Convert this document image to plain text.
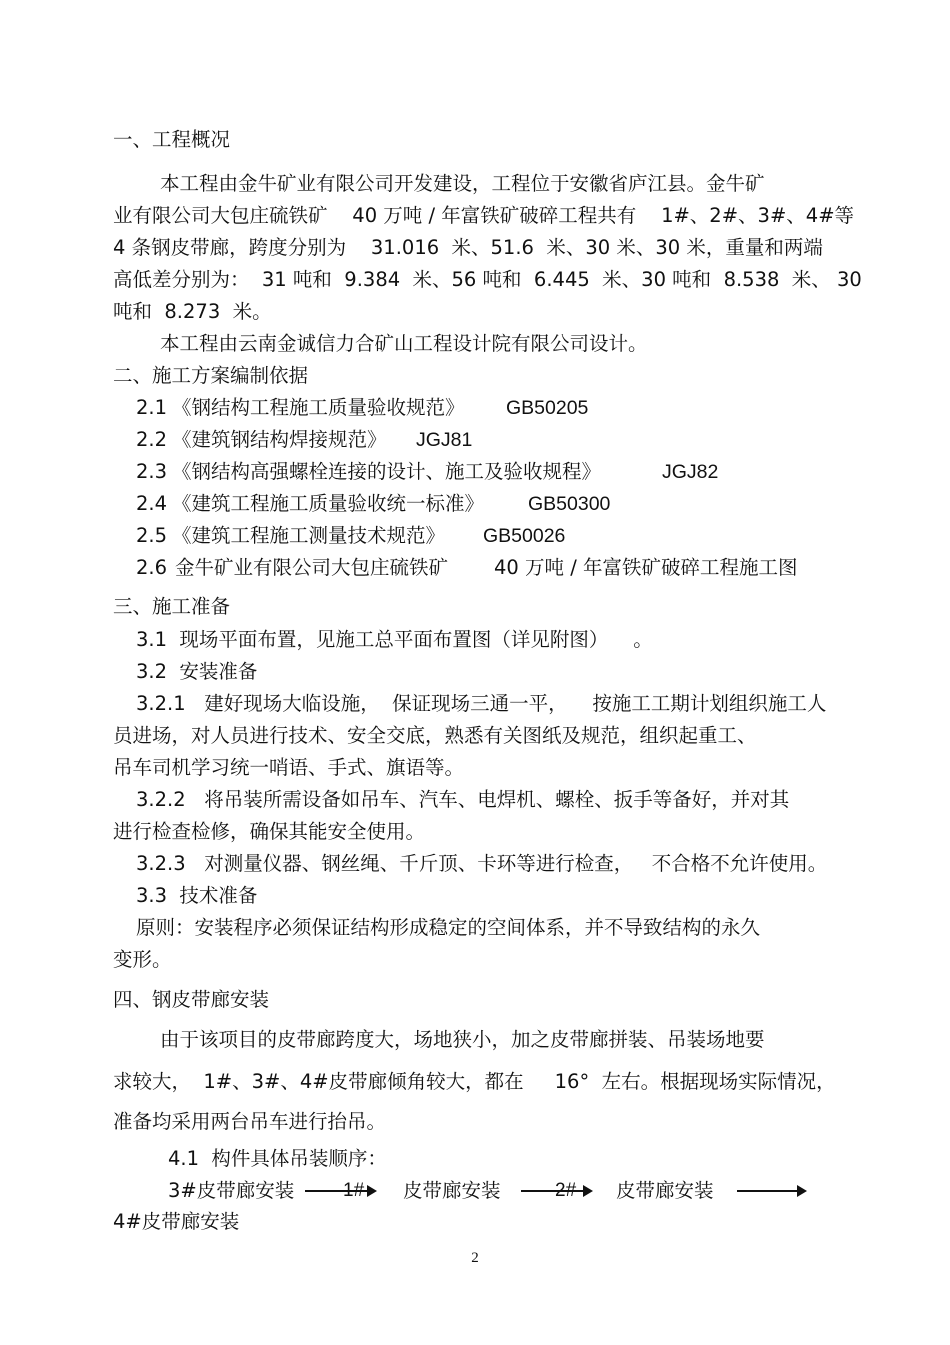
一、工程概况
本工程由金牛矿业有限公司开发建设，工程位于安徽省庐江县。金牛矿
业有限公司大包庄硫铁矿    40 万吨 / 年富铁矿破碎工程共有    1#、2#、3#、4#等
4 条钢皮带廊，跨度分别为    31.016  米、51.6  米、30 米、30 米，重量和两端
高低差分别为：  31 吨和  9.384  米、56 吨和  6.445  米、30 吨和  8.538  米、 30
吨和  8.273  米。
本工程由云南金诚信力合矿山工程设计院有限公司设计。
二、施工方案编制依据
2.1 《钢结构工程施工质量验收规范》 GB50205
2.2 《建筑钢结构焊接规范》 JGJ81
2.3 《钢结构高强螺栓连接的设计、施工及验收规程》	JGJ82
2.4 《建筑工程施工质量验收统一标准》 GB50300
2.5 《建筑工程施工测量技术规范》 GB50026
2.6 金牛矿业有限公司大包庄硫铁矿 40 万吨 / 年富铁矿破碎工程施工图
三、施工准备
3.1  现场平面布置，见施工总平面布置图（详见附图）    。
3.2  安装准备
3.2.1   建好现场大临设施，  保证现场三通一平，    按施工工期计划组织施工人
员进场，对人员进行技术、安全交底，熟悉有关图纸及规范，组织起重工、
吊车司机学习统一哨语、手式、旗语等。
3.2.2   将吊装所需设备如吊车、汽车、电焊机、螺栓、扳手等备好，并对其
进行检查检修，确保其能安全使用。
3.2.3   对测量仪器、钢丝绳、千斤顶、卡环等进行检查，   不合格不允许使用。
3.3  技术准备
原则：安装程序必须保证结构形成稳定的空间体系，并不导致结构的永久
变形。
四、钢皮带廊安装
由于该项目的皮带廊跨度大，场地狭小，加之皮带廊拼装、吊装场地要
求较大，  1#、3#、4#皮带廊倾角较大，都在     16°  左右。根据现场实际情况，
准备均采用两台吊车进行抬吊。
4.1  构件具体吊装顺序：
3#皮带廊安装	1# 皮带廊安装	2# 皮带廊安装
4#皮带廊安装
2
